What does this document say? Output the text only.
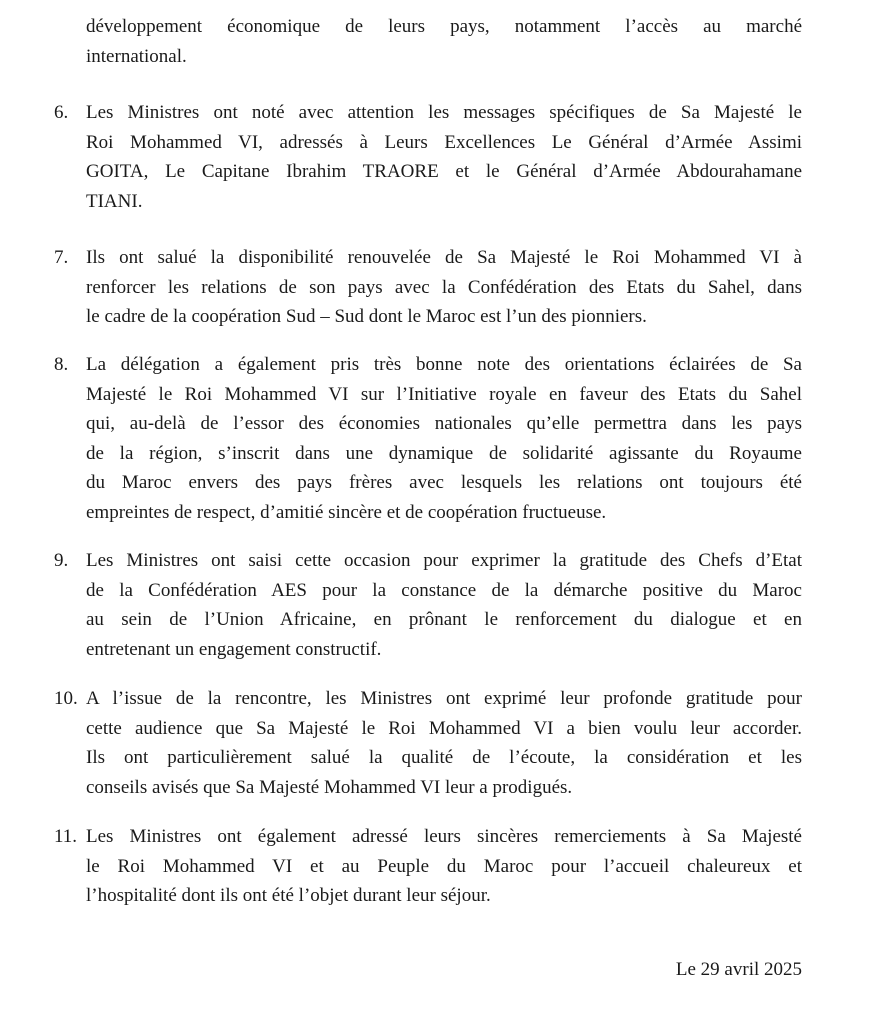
développement économique de leurs pays, notamment l’accès au marché
international.
6. Les Ministres ont noté avec attention les messages spécifiques de Sa Majesté le
Roi Mohammed VI, adressés à Leurs Excellences Le Général d’Armée Assimi
GOITA, Le Capitane Ibrahim TRAORE et le Général d’Armée Abdourahamane
TIANI.
7. Ils ont salué la disponibilité renouvelée de Sa Majesté le Roi Mohammed VI à
renforcer les relations de son pays avec la Confédération des Etats du Sahel, dans
le cadre de la coopération Sud – Sud dont le Maroc est l’un des pionniers.
8. La délégation a également pris très bonne note des orientations éclairées de Sa
Majesté le Roi Mohammed VI sur l’Initiative royale en faveur des Etats du Sahel
qui, au-delà de l’essor des économies nationales qu’elle permettra dans les pays
de la région, s’inscrit dans une dynamique de solidarité agissante du Royaume
du Maroc envers des pays frères avec lesquels les relations ont toujours été
empreintes de respect, d’amitié sincère et de coopération fructueuse.
9. Les Ministres ont saisi cette occasion pour exprimer la gratitude des Chefs d’Etat
de la Confédération AES pour la constance de la démarche positive du Maroc
au sein de l’Union Africaine, en prônant le renforcement du dialogue et en
entretenant un engagement constructif.
10. A l’issue de la rencontre, les Ministres ont exprimé leur profonde gratitude pour
cette audience que Sa Majesté le Roi Mohammed VI a bien voulu leur accorder.
Ils ont particulièrement salué la qualité de l’écoute, la considération et les
conseils avisés que Sa Majesté Mohammed VI leur a prodigués.
11. Les Ministres ont également adressé leurs sincères remerciements à Sa Majesté
le Roi Mohammed VI et au Peuple du Maroc pour l’accueil chaleureux et
l’hospitalité dont ils ont été l’objet durant leur séjour.
Le 29 avril 2025
